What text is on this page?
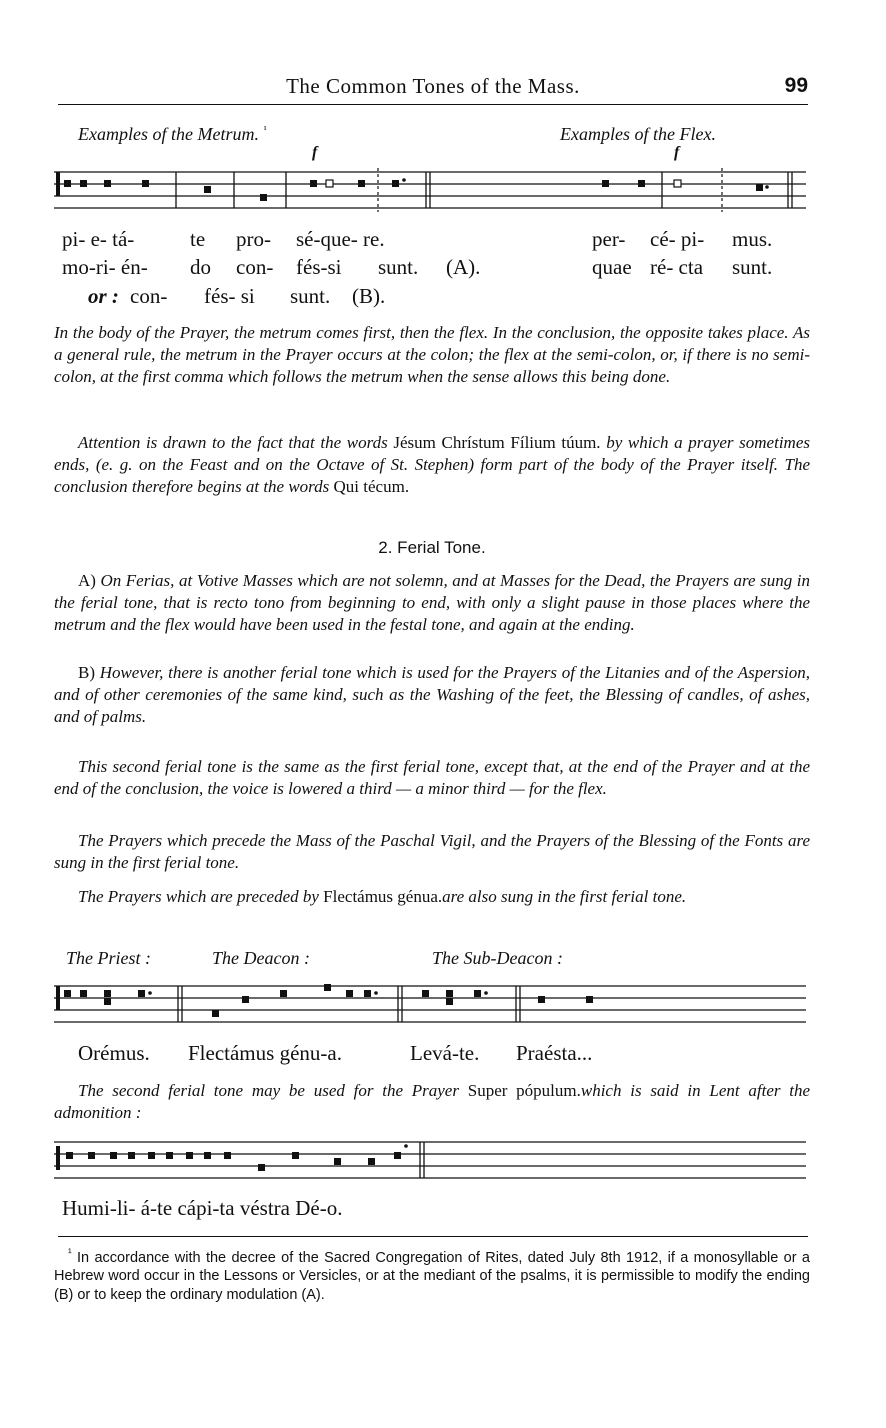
The Common Tones of the Mass.	99
Examples of the Metrum. $^{^1}$	Examples of the Flex.
f	f
pi- e- tá-	te pro- sé-que- re.	per- cé- pi- mus.
mo-ri- én- do con- fés-si sunt. (A).	quae ré- cta sunt.
or : con- fés- si sunt. (B).

In the body of the Prayer, the metrum comes first, then the flex. In the conclusion, the opposite takes place. As a general rule, the metrum in the Prayer occurs at the colon; the flex at the semi-colon, or, if there is no semi-colon, at the first comma which follows the metrum when the sense allows this being done.

Attention is drawn to the fact that the words Jésum Chrístum Fílium túum. by which a prayer sometimes ends, (e. g. on the Feast and on the Octave of St. Stephen) form part of the body of the Prayer itself. The conclusion therefore begins at the words Qui técum.

2. Ferial Tone.

A) On Ferias, at Votive Masses which are not solemn, and at Masses for the Dead, the Prayers are sung in the ferial tone, that is recto tono from beginning to end, with only a slight pause in those places where the metrum and the flex would have been used in the festal tone, and again at the ending.

B) However, there is another ferial tone which is used for the Prayers of the Litanies and of the Aspersion, and of other ceremonies of the same kind, such as the Washing of the feet, the Blessing of candles, of ashes, and of palms.

This second ferial tone is the same as the first ferial tone, except that, at the end of the Prayer and at the end of the conclusion, the voice is lowered a third — a minor third — for the flex.

The Prayers which precede the Mass of the Paschal Vigil, and the Prayers of the Blessing of the Fonts are sung in the first ferial tone.

The Prayers which are preceded by Flectámus génua.are also sung in the first ferial tone.

The Priest :	The Deacon :	The Sub-Deacon :
Orémus. Flectámus génu-a.	Levá-te. Praésta...

The second ferial tone may be used for the Prayer Super pópulum.which is said in Lent after the admonition :

Humi-li- á-te cápi-ta véstra Dé-o.

$^{^1}$ In accordance with the decree of the Sacred Congregation of Rites, dated July 8th 1912, if a monosyllable or a Hebrew word occur in the Lessons or Versicles, or at the mediant of the psalms, it is permissible to modify the ending (B) or to keep the ordinary modulation (A).
